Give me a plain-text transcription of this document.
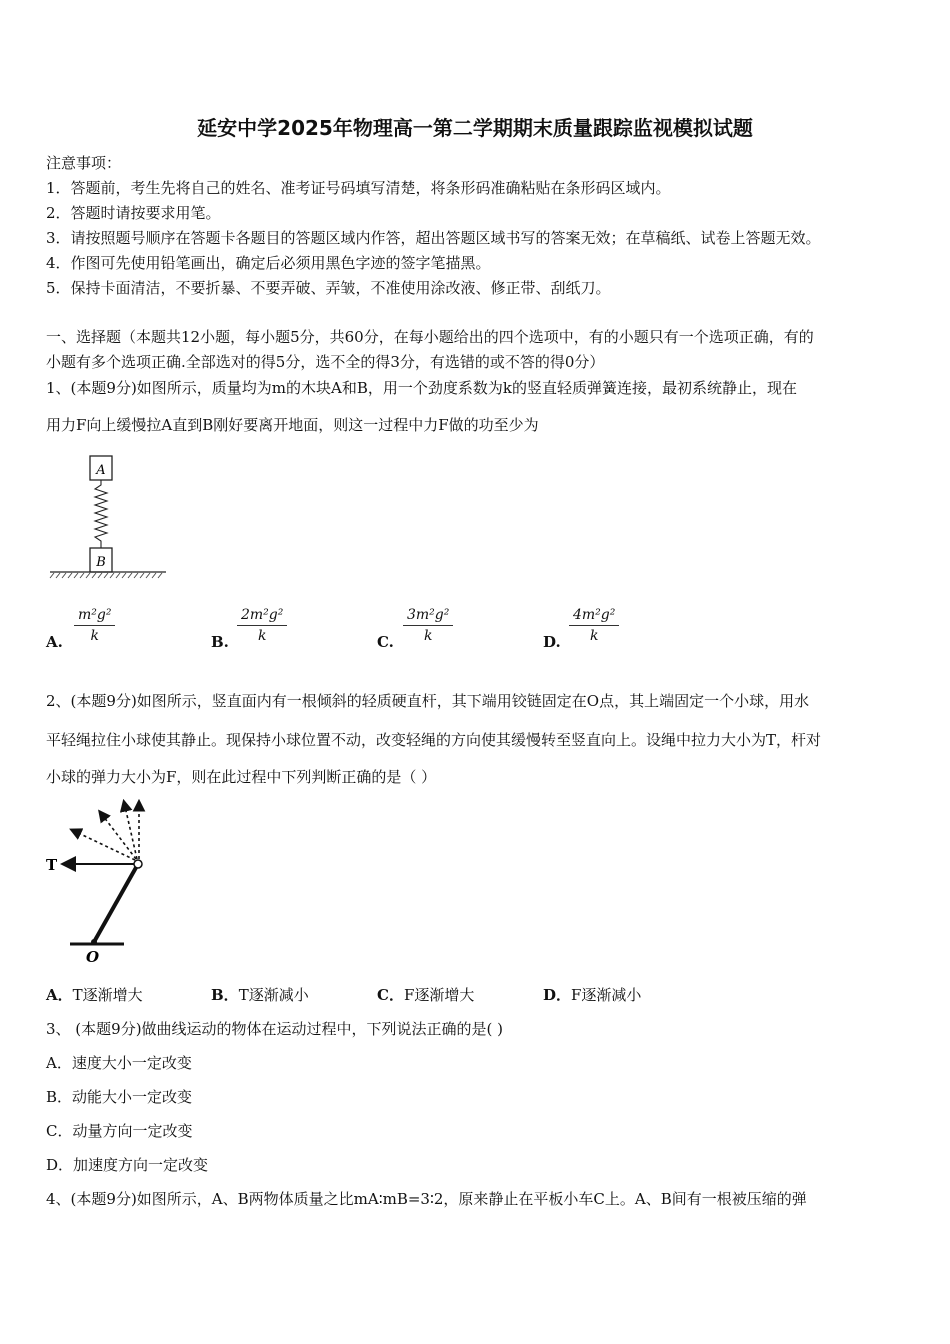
延安中学2025年物理高一第二学期期末质量跟踪监视模拟试题
注意事项：
1．答题前，考生先将自己的姓名、准考证号码填写清楚，将条形码准确粘贴在条形码区域内。
2．答题时请按要求用笔。
3．请按照题号顺序在答题卡各题目的答题区域内作答，超出答题区域书写的答案无效；在草稿纸、试卷上答题无效。
4．作图可先使用铅笔画出，确定后必须用黑色字迹的签字笔描黑。
5．保持卡面清洁，不要折暴、不要弄破、弄皱，不准使用涂改液、修正带、刮纸刀。
一、选择题（本题共12小题，每小题5分，共60分，在每小题给出的四个选项中，有的小题只有一个选项正确，有的
小题有多个选项正确.全部选对的得5分，选不全的得3分，有选错的或不答的得0分）
1、(本题9分)如图所示，质量均为m的木块A和B，用一个劲度系数为k的竖直轻质弹簧连接，最初系统静止，现在
用力F向上缓慢拉A直到B刚好要离开地面，则这一过程中力F做的功至少为
A
B
A. $\frac{\text{m²g²}}{k}$	B. $\frac{\text{2m²g²}}{k}$	C. $\frac{\text{3m²g²}}{k}$	D. $\frac{\text{4m²g²}}{k}$
2、(本题9分)如图所示，竖直面内有一根倾斜的轻质硬直杆，其下端用铰链固定在O点，其上端固定一个小球，用水
平轻绳拉住小球使其静止。现保持小球位置不动，改变轻绳的方向使其缓慢转至竖直向上。设绳中拉力大小为T，杆对
小球的弹力大小为F，则在此过程中下列判断正确的是（ ）
T
O
A．T逐渐增大	B．T逐渐减小	C．F逐渐增大	D．F逐渐减小
3、 (本题9分)做曲线运动的物体在运动过程中，下列说法正确的是( )
A．速度大小一定改变
B．动能大小一定改变
C．动量方向一定改变
D．加速度方向一定改变
4、(本题9分)如图所示，A、B两物体质量之比mA∶mB=3∶2，原来静止在平板小车C上。A、B间有一根被压缩的弹
